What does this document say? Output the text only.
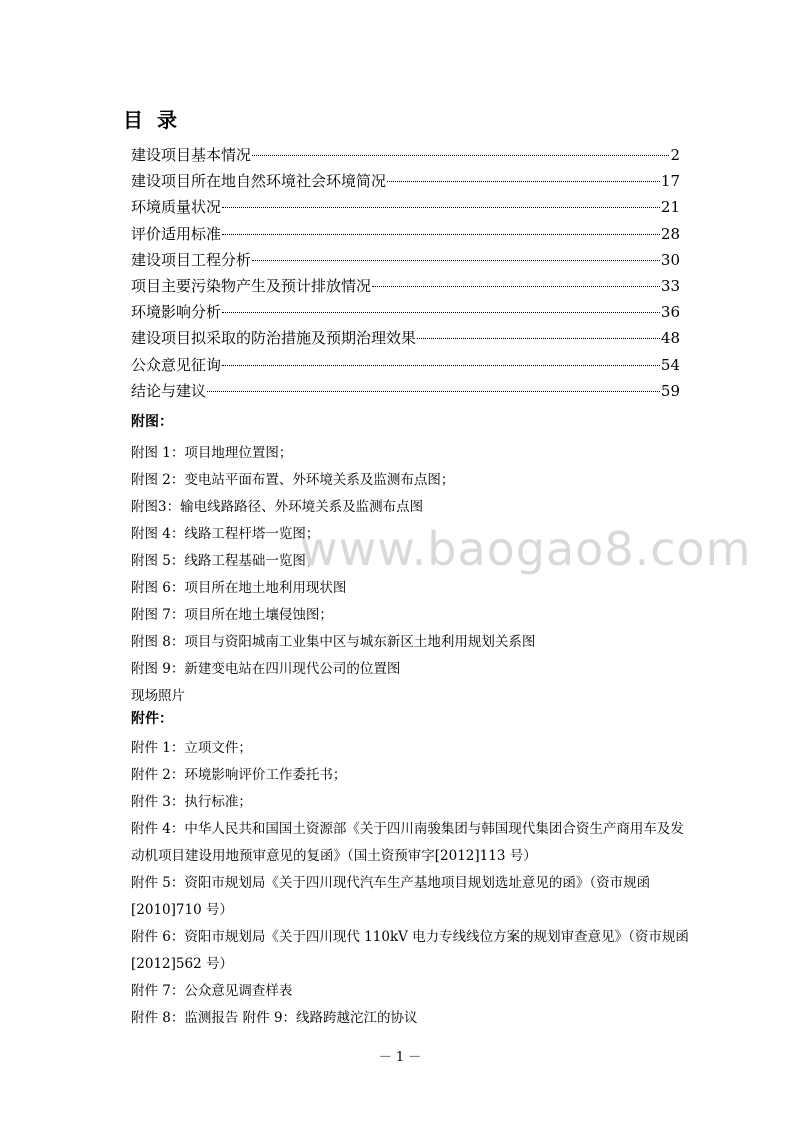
目录
建设项目基本情况	2
建设项目所在地自然环境社会环境简况	17
环境质量状况	21
评价适用标准	28
建设项目工程分析	30
项目主要污染物产生及预计排放情况	33
环境影响分析	36
建设项目拟采取的防治措施及预期治理效果	48
公众意见征询	54
结论与建议	59

附图：

附图 1：项目地理位置图；

附图 2：变电站平面布置、外环境关系及监测布点图；

附图3：输电线路路径、外环境关系及监测布点图

附图 4：线路工程杆塔一览图；

附图 5：线路工程基础一览图；

附图 6：项目所在地土地利用现状图

附图 7：项目所在地土壤侵蚀图；

附图 8：项目与资阳城南工业集中区与城东新区土地利用规划关系图

附图 9：新建变电站在四川现代公司的位置图

现场照片

附件：

附件 1：立项文件；

附件 2：环境影响评价工作委托书；

附件 3：执行标准；

附件 4：中华人民共和国国土资源部《关于四川南骏集团与韩国现代集团合资生产商用车及发动机项目建设用地预审意见的复函》（国土资预审字[2012]113 号）

附件 5：资阳市规划局《关于四川现代汽车生产基地项目规划选址意见的函》（资市规函[2010]710 号）

附件 6：资阳市规划局《关于四川现代 110kV 电力专线线位方案的规划审查意见》（资市规函[2012]562 号）

附件 7：公众意见调查样表

附件 8：监测报告 附件 9：线路跨越沱江的协议

www.baogao8.com
－ 1 －
